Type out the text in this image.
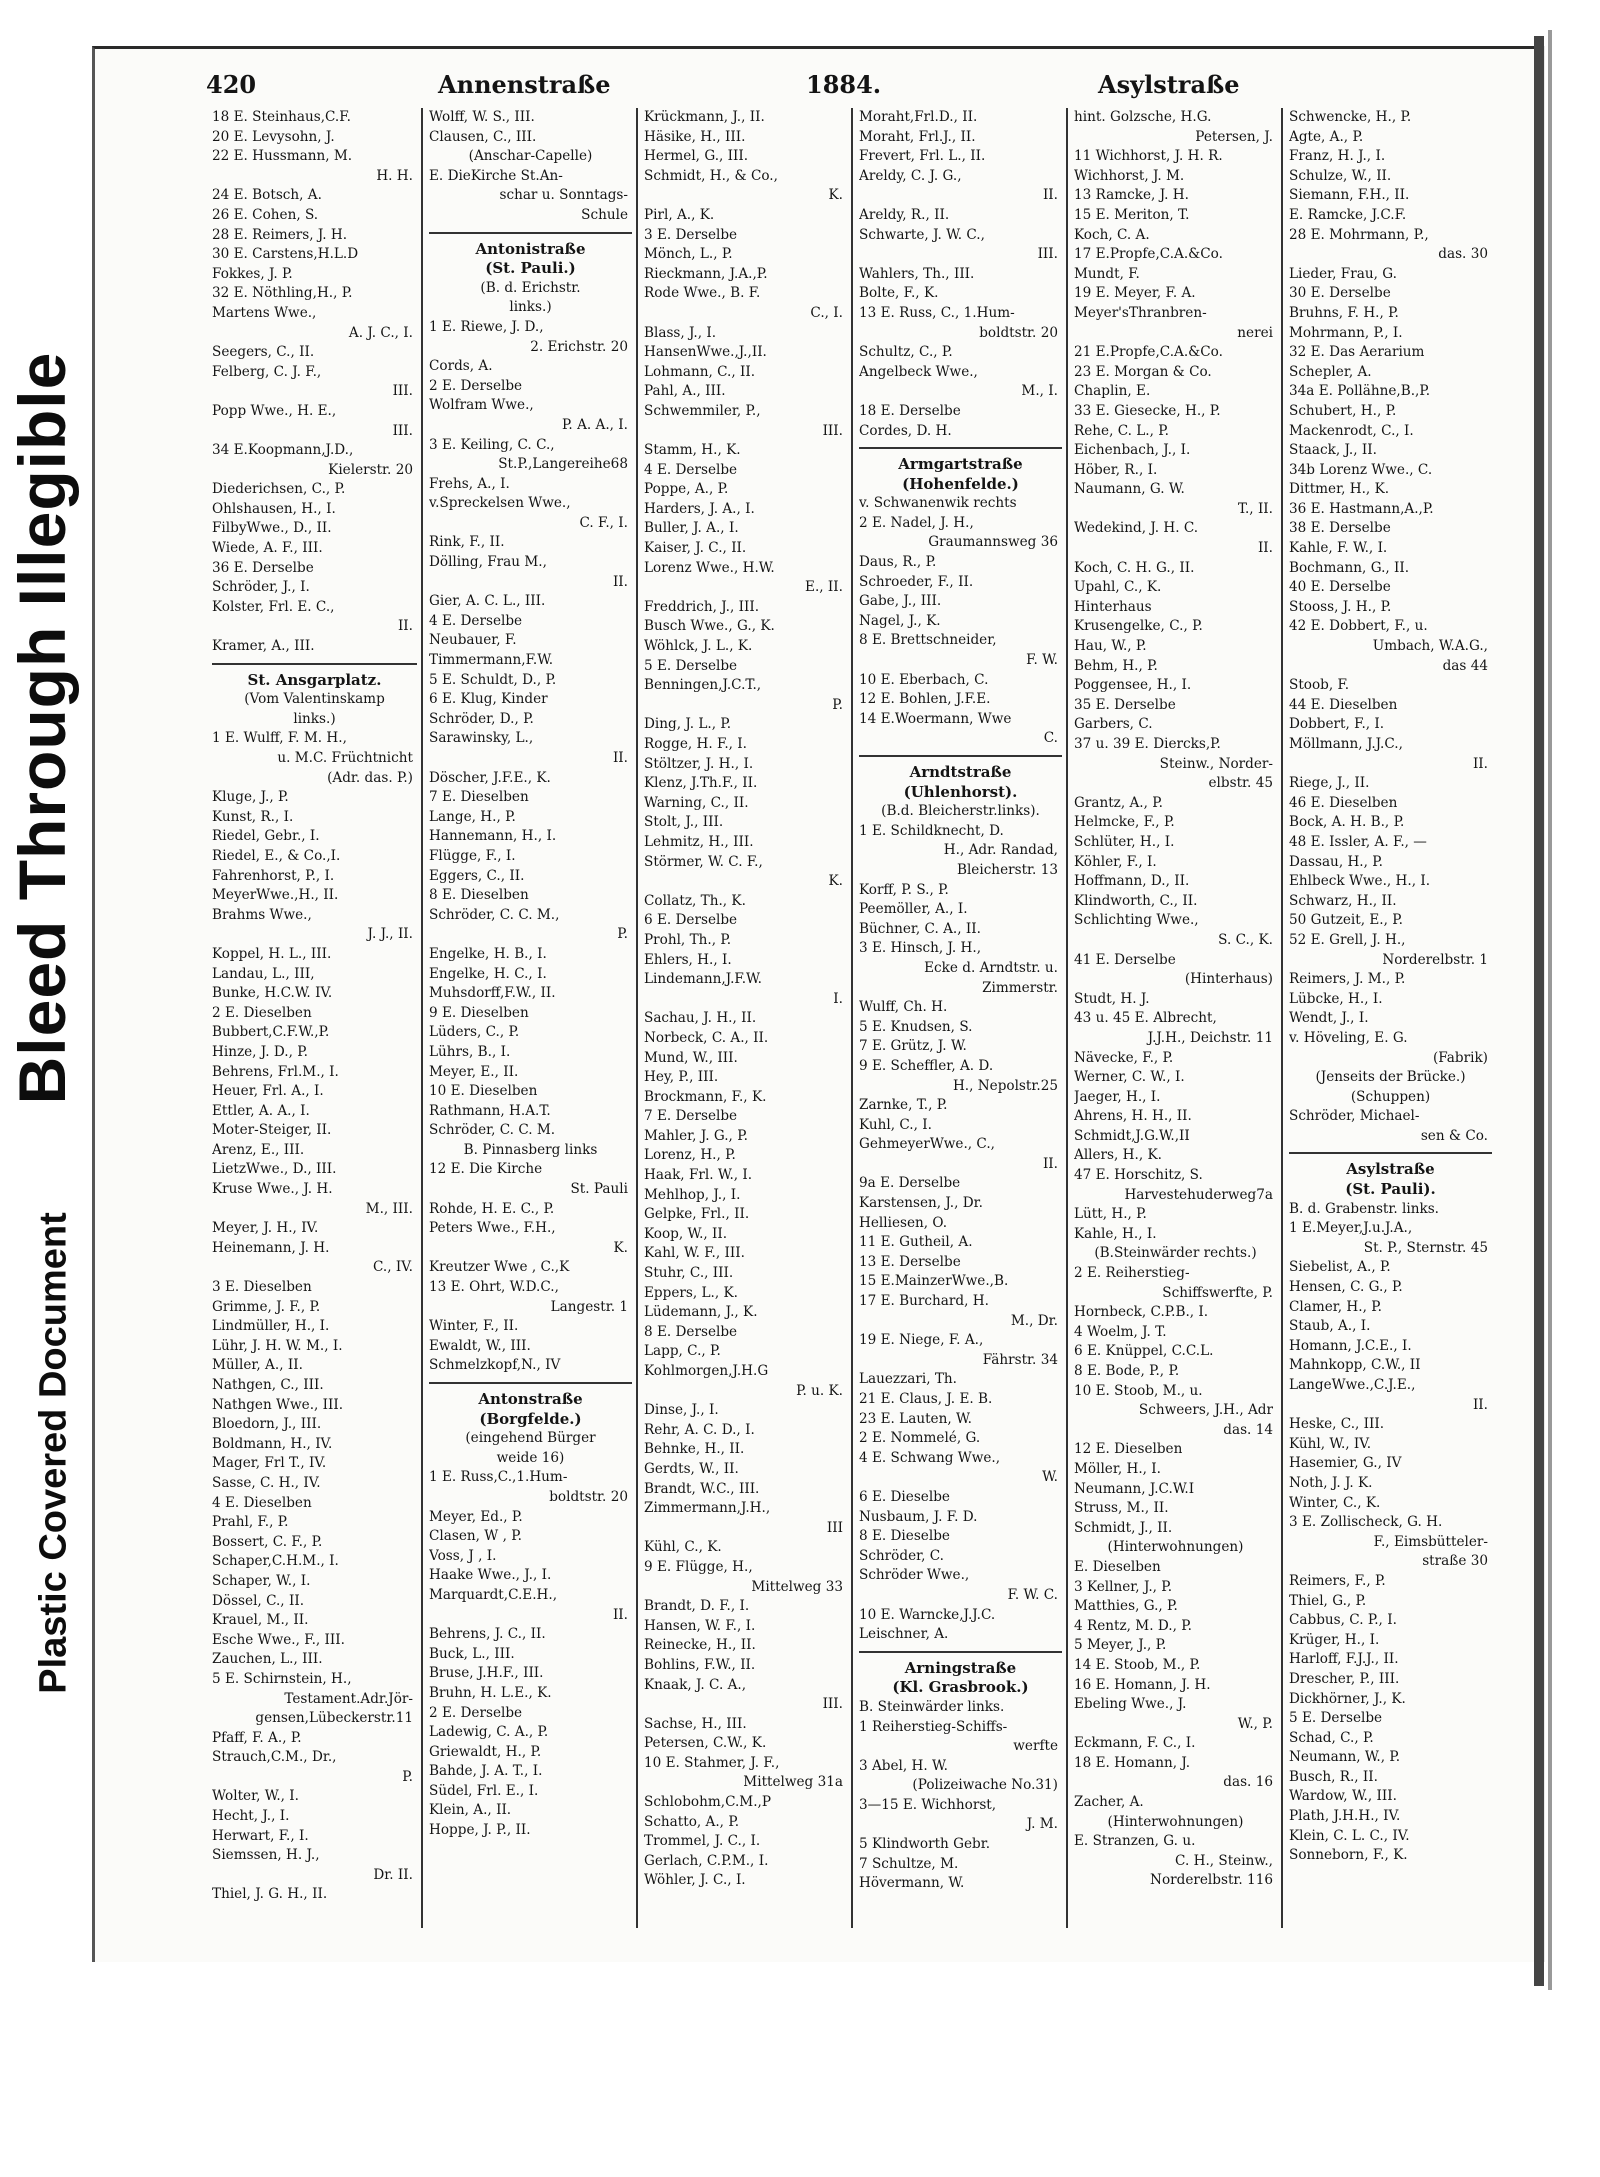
Bleed Through Illegible
Plastic Covered Document
420	Annenstraße	1884.	Asylstraße
18 E. Steinhaus,C.F.
20 E. Levysohn, J.
22 E. Hussmann, M.
H. H.
24 E. Botsch, A.
26 E. Cohen, S.
28 E. Reimers, J. H.
30 E. Carstens,H.L.D
Fokkes, J. P.
32 E. Nöthling,H., P.
Martens Wwe.,
A. J. C., I.
Seegers, C., II.
Felberg, C. J. F.,
III.
Popp Wwe., H. E.,
III.
34 E.Koopmann,J.D.,
Kielerstr. 20
Diederichsen, C., P.
Ohlshausen, H., I.
FilbyWwe., D., II.
Wiede, A. F., III.
36 E. Derselbe
Schröder, J., I.
Kolster, Frl. E. C.,
II.
Kramer, A., III.
St. Ansgarplatz.
(Vom Valentinskamp
links.)
1 E. Wulff, F. M. H.,
u. M.C. Früchtnicht
(Adr. das. P.)
Kluge, J., P.
Kunst, R., I.
Riedel, Gebr., I.
Riedel, E., & Co.,I.
Fahrenhorst, P., I.
MeyerWwe.,H., II.
Brahms Wwe.,
J. J., II.
Koppel, H. L., III.
Landau, L., III,
Bunke, H.C.W. IV.
2 E. Dieselben
Bubbert,C.F.W.,P.
Hinze, J. D., P.
Behrens, Frl.M., I.
Heuer, Frl. A., I.
Ettler, A. A., I.
Moter-Steiger, II.
Arenz, E., III.
LietzWwe., D., III.
Kruse Wwe., J. H.
M., III.
Meyer, J. H., IV.
Heinemann, J. H.
C., IV.
3 E. Dieselben
Grimme, J. F., P.
Lindmüller, H., I.
Lühr, J. H. W. M., I.
Müller, A., II.
Nathgen, C., III.
Nathgen Wwe., III.
Bloedorn, J., III.
Boldmann, H., IV.
Mager, Frl T., IV.
Sasse, C. H., IV.
4 E. Dieselben
Prahl, F., P.
Bossert, C. F., P.
Schaper,C.H.M., I.
Schaper, W., I.
Dössel, C., II.
Krauel, M., II.
Esche Wwe., F., III.
Zauchen, L., III.
5 E. Schirnstein, H.,
Testament.Adr.Jör-
gensen,Lübeckerstr.11
Pfaff, F. A., P.
Strauch,C.M., Dr.,
P.
Wolter, W., I.
Hecht, J., I.
Herwart, F., I.
Siemssen, H. J.,
Dr. II.
Thiel, J. G. H., II.
Wolff, W. S., III.
Clausen, C., III.
(Anschar-Capelle)
E. DieKirche St.An-
schar u. Sonntags-
Schule
Antonistraße
(St. Pauli.)
(B. d. Erichstr.
links.)
1 E. Riewe, J. D.,
2. Erichstr. 20
Cords, A.
2 E. Derselbe
Wolfram Wwe.,
P. A. A., I.
3 E. Keiling, C. C.,
St.P.,Langereihe68
Frehs, A., I.
v.Spreckelsen Wwe.,
C. F., I.
Rink, F., II.
Dölling, Frau M.,
II.
Gier, A. C. L., III.
4 E. Derselbe
Neubauer, F.
Timmermann,F.W.
5 E. Schuldt, D., P.
6 E. Klug, Kinder
Schröder, D., P.
Sarawinsky, L.,
II.
Döscher, J.F.E., K.
7 E. Dieselben
Lange, H., P.
Hannemann, H., I.
Flügge, F., I.
Eggers, C., II.
8 E. Dieselben
Schröder, C. C. M.,
P.
Engelke, H. B., I.
Engelke, H. C., I.
Muhsdorff,F.W., II.
9 E. Dieselben
Lüders, C., P.
Lührs, B., I.
Meyer, E., II.
10 E. Dieselben
Rathmann, H.A.T.
Schröder, C. C. M.
B. Pinnasberg links
12 E. Die Kirche
St. Pauli
Rohde, H. E. C., P.
Peters Wwe., F.H.,
K.
Kreutzer Wwe , C.,K
13 E. Ohrt, W.D.C.,
Langestr. 1
Winter, F., II.
Ewaldt, W., III.
Schmelzkopf,N., IV
Antonstraße
(Borgfelde.)
(eingehend Bürger
weide 16)
1 E. Russ,C.,1.Hum-
boldtstr. 20
Meyer, Ed., P.
Clasen, W , P.
Voss, J , I.
Haake Wwe., J., I.
Marquardt,C.E.H.,
II.
Behrens, J. C., II.
Buck, L., III.
Bruse, J.H.F., III.
Bruhn, H. L.E., K.
2 E. Derselbe
Ladewig, C. A., P.
Griewaldt, H., P.
Bahde, J. A. T., I.
Südel, Frl. E., I.
Klein, A., II.
Hoppe, J. P., II.
Krückmann, J., II.
Häsike, H., III.
Hermel, G., III.
Schmidt, H., & Co.,
K.
Pirl, A., K.
3 E. Derselbe
Mönch, L., P.
Rieckmann, J.A.,P.
Rode Wwe., B. F.
C., I.
Blass, J., I.
HansenWwe.,J.,II.
Lohmann, C., II.
Pahl, A., III.
Schwemmiler, P.,
III.
Stamm, H., K.
4 E. Derselbe
Poppe, A., P.
Harders, J. A., I.
Buller, J. A., I.
Kaiser, J. C., II.
Lorenz Wwe., H.W.
E., II.
Freddrich, J., III.
Busch Wwe., G., K.
Wöhlck, J. L., K.
5 E. Derselbe
Benningen,J.C.T.,
P.
Ding, J. L., P.
Rogge, H. F., I.
Stöltzer, J. H., I.
Klenz, J.Th.F., II.
Warning, C., II.
Stolt, J., III.
Lehmitz, H., III.
Störmer, W. C. F.,
K.
Collatz, Th., K.
6 E. Derselbe
Prohl, Th., P.
Ehlers, H., I.
Lindemann,J.F.W.
I.
Sachau, J. H., II.
Norbeck, C. A., II.
Mund, W., III.
Hey, P., III.
Brockmann, F., K.
7 E. Derselbe
Mahler, J. G., P.
Lorenz, H., P.
Haak, Frl. W., I.
Mehlhop, J., I.
Gelpke, Frl., II.
Koop, W., II.
Kahl, W. F., III.
Stuhr, C., III.
Eppers, L., K.
Lüdemann, J., K.
8 E. Derselbe
Lapp, C., P.
Kohlmorgen,J.H.G
P. u. K.
Dinse, J., I.
Rehr, A. C. D., I.
Behnke, H., II.
Gerdts, W., II.
Brandt, W.C., III.
Zimmermann,J.H.,
III
Kühl, C., K.
9 E. Flügge, H.,
Mittelweg 33
Brandt, D. F., I.
Hansen, W. F., I.
Reinecke, H., II.
Bohlins, F.W., II.
Knaak, J. C. A.,
III.
Sachse, H., III.
Petersen, C.W., K.
10 E. Stahmer, J. F.,
Mittelweg 31a
Schlobohm,C.M.,P
Schatto, A., P.
Trommel, J. C., I.
Gerlach, C.P.M., I.
Wöhler, J. C., I.
Moraht,Frl.D., II.
Moraht, Frl.J., II.
Frevert, Frl. L., II.
Areldy, C. J. G.,
II.
Areldy, R., II.
Schwarte, J. W. C.,
III.
Wahlers, Th., III.
Bolte, F., K.
13 E. Russ, C., 1.Hum-
boldtstr. 20
Schultz, C., P.
Angelbeck Wwe.,
M., I.
18 E. Derselbe
Cordes, D. H.
Armgartstraße
(Hohenfelde.)
v. Schwanenwik rechts
2 E. Nadel, J. H.,
Graumannsweg 36
Daus, R., P.
Schroeder, F., II.
Gabe, J., III.
Nagel, J., K.
8 E. Brettschneider,
F. W.
10 E. Eberbach, C.
12 E. Bohlen, J.F.E.
14 E.Woermann, Wwe
C.
Arndtstraße
(Uhlenhorst).
(B.d. Bleicherstr.links).
1 E. Schildknecht, D.
H., Adr. Randad,
Bleicherstr. 13
Korff, P. S., P.
Peemöller, A., I.
Büchner, C. A., II.
3 E. Hinsch, J. H.,
Ecke d. Arndtstr. u.
Zimmerstr.
Wulff, Ch. H.
5 E. Knudsen, S.
7 E. Grütz, J. W.
9 E. Scheffler, A. D.
H., Nepolstr.25
Zarnke, T., P.
Kuhl, C., I.
GehmeyerWwe., C.,
II.
9a E. Derselbe
Karstensen, J., Dr.
Helliesen, O.
11 E. Gutheil, A.
13 E. Derselbe
15 E.MainzerWwe.,B.
17 E. Burchard, H.
M., Dr.
19 E. Niege, F. A.,
Fährstr. 34
Lauezzari, Th.
21 E. Claus, J. E. B.
23 E. Lauten, W.
2 E. Nommelé, G.
4 E. Schwang Wwe.,
W.
6 E. Dieselbe
Nusbaum, J. F. D.
8 E. Dieselbe
Schröder, C.
Schröder Wwe.,
F. W. C.
10 E. Warncke,J.J.C.
Leischner, A.
Arningstraße
(Kl. Grasbrook.)
B. Steinwärder links.
1 Reiherstieg-Schiffs-
werfte
3 Abel, H. W.
(Polizeiwache No.31)
3—15 E. Wichhorst,
J. M.
5 Klindworth Gebr.
7 Schultze, M.
Hövermann, W.
hint. Golzsche, H.G.
Petersen, J.
11 Wichhorst, J. H. R.
Wichhorst, J. M.
13 Ramcke, J. H.
15 E. Meriton, T.
Koch, C. A.
17 E.Propfe,C.A.&Co.
Mundt, F.
19 E. Meyer, F. A.
Meyer'sThranbren-
nerei
21 E.Propfe,C.A.&Co.
23 E. Morgan & Co.
Chaplin, E.
33 E. Giesecke, H., P.
Rehe, C. L., P.
Eichenbach, J., I.
Höber, R., I.
Naumann, G. W.
T., II.
Wedekind, J. H. C.
II.
Koch, C. H. G., II.
Upahl, C., K.
Hinterhaus
Krusengelke, C., P.
Hau, W., P.
Behm, H., P.
Poggensee, H., I.
35 E. Derselbe
Garbers, C.
37 u. 39 E. Diercks,P.
Steinw., Norder-
elbstr. 45
Grantz, A., P.
Helmcke, F., P.
Schlüter, H., I.
Köhler, F., I.
Hoffmann, D., II.
Klindworth, C., II.
Schlichting Wwe.,
S. C., K.
41 E. Derselbe
(Hinterhaus)
Studt, H. J.
43 u. 45 E. Albrecht,
J.J.H., Deichstr. 11
Nävecke, F., P.
Werner, C. W., I.
Jaeger, H., I.
Ahrens, H. H., II.
Schmidt,J.G.W.,II
Allers, H., K.
47 E. Horschitz, S.
Harvestehuderweg7a
Lütt, H., P.
Kahle, H., I.
(B.Steinwärder rechts.)
2 E. Reiherstieg-
Schiffswerfte, P.
Hornbeck, C.P.B., I.
4 Woelm, J. T.
6 E. Knüppel, C.C.L.
8 E. Bode, P., P.
10 E. Stoob, M., u.
Schweers, J.H., Adr
das. 14
12 E. Dieselben
Möller, H., I.
Neumann, J.C.W.I
Struss, M., II.
Schmidt, J., II.
(Hinterwohnungen)
E. Dieselben
3 Kellner, J., P.
Matthies, G., P.
4 Rentz, M. D., P.
5 Meyer, J., P.
14 E. Stoob, M., P.
16 E. Homann, J. H.
Ebeling Wwe., J.
W., P.
Eckmann, F. C., I.
18 E. Homann, J.
das. 16
Zacher, A.
(Hinterwohnungen)
E. Stranzen, G. u.
C. H., Steinw.,
Norderelbstr. 116
Schwencke, H., P.
Agte, A., P.
Franz, H. J., I.
Schulze, W., II.
Siemann, F.H., II.
E. Ramcke, J.C.F.
28 E. Mohrmann, P.,
das. 30
Lieder, Frau, G.
30 E. Derselbe
Bruhns, F. H., P.
Mohrmann, P., I.
32 E. Das Aerarium
Schepler, A.
34a E. Pollähne,B.,P.
Schubert, H., P.
Mackenrodt, C., I.
Staack, J., II.
34b Lorenz Wwe., C.
Dittmer, H., K.
36 E. Hastmann,A.,P.
38 E. Derselbe
Kahle, F. W., I.
Bochmann, G., II.
40 E. Derselbe
Stooss, J. H., P.
42 E. Dobbert, F., u.
Umbach, W.A.G.,
das 44
Stoob, F.
44 E. Dieselben
Dobbert, F., I.
Möllmann, J.J.C.,
II.
Riege, J., II.
46 E. Dieselben
Bock, A. H. B., P.
48 E. Issler, A. F., —
Dassau, H., P.
Ehlbeck Wwe., H., I.
Schwarz, H., II.
50 Gutzeit, E., P.
52 E. Grell, J. H.,
Norderelbstr. 1
Reimers, J. M., P.
Lübcke, H., I.
Wendt, J., I.
v. Höveling, E. G.
(Fabrik)
(Jenseits der Brücke.)
(Schuppen)
Schröder, Michael-
sen & Co.
Asylstraße
(St. Pauli).
B. d. Grabenstr. links.
1 E.Meyer,J.u.J.A.,
St. P., Sternstr. 45
Siebelist, A., P.
Hensen, C. G., P.
Clamer, H., P.
Staub, A., I.
Homann, J.C.E., I.
Mahnkopp, C.W., II
LangeWwe.,C.J.E.,
II.
Heske, C., III.
Kühl, W., IV.
Hasemier, G., IV
Noth, J. J. K.
Winter, C., K.
3 E. Zollischeck, G. H.
F., Eimsbütteler-
straße 30
Reimers, F., P.
Thiel, G., P.
Cabbus, C. P., I.
Krüger, H., I.
Harloff, F.J.J., II.
Drescher, P., III.
Dickhörner, J., K.
5 E. Derselbe
Schad, C., P.
Neumann, W., P.
Busch, R., II.
Wardow, W., III.
Plath, J.H.H., IV.
Klein, C. L. C., IV.
Sonneborn, F., K.
